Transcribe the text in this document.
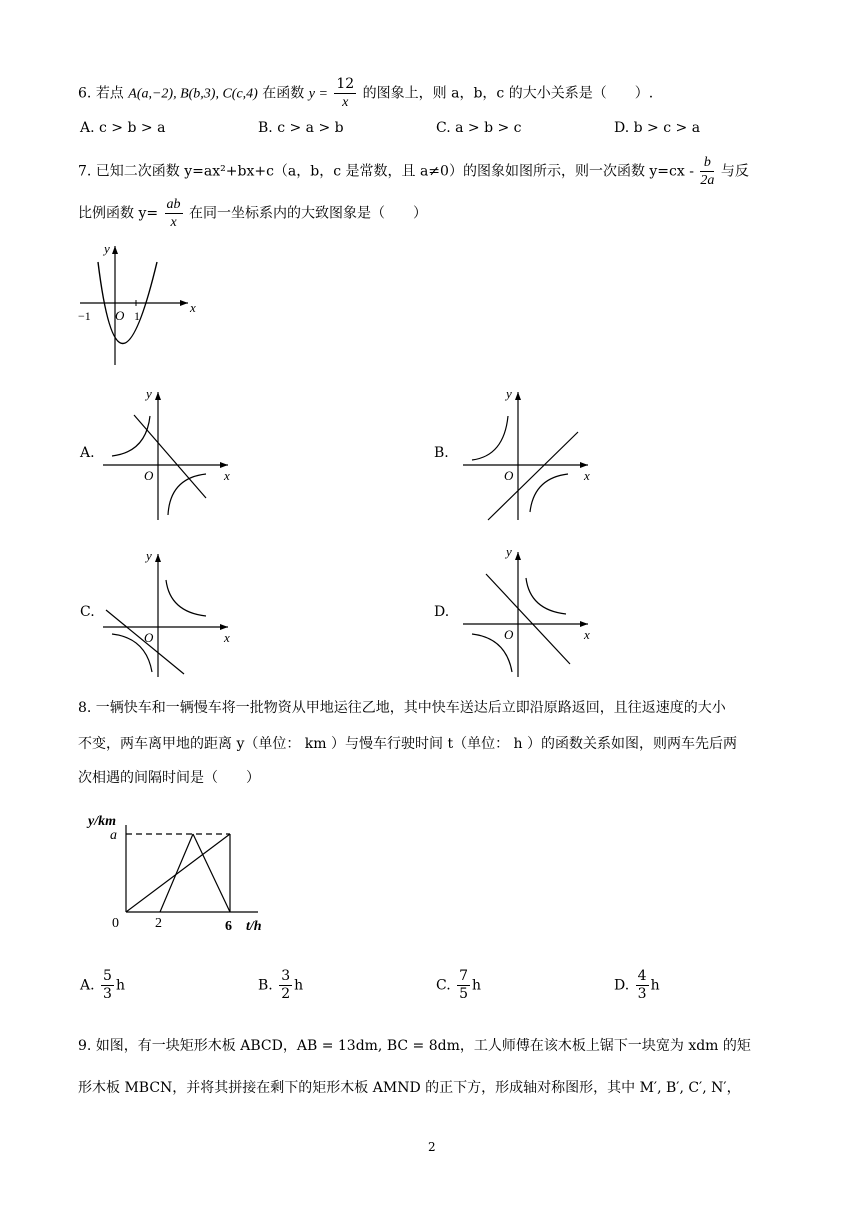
6. 若点 A(a,−2), B(b,3), C(c,4) 在函数 $y = \frac{12}{x}$ 的图象上，则 a，b，c 的大小关系是（　　）.
A. c > b > a	B. c > a > b	C. a > b > c	D. b > c > a
7. 已知二次函数 y=ax²+bx+c（a，b，c 是常数，且 a≠0）的图象如图所示，则一次函数 $y=cx - \frac{b}{2a}$ 与反
比例函数 $y= \frac{ab}{x}$ 在同一坐标系内的大致图象是（　　）
y
x
−1 O 1
A.	B.
C.	D.
y
x
O
y
x
O
y
x
O
y
x
O
8. 一辆快车和一辆慢车将一批物资从甲地运往乙地，其中快车送达后立即沿原路返回，且往返速度的大小
不变，两车离甲地的距离 y（单位： km ）与慢车行驶时间 t（单位： h ）的函数关系如图，则两车先后两
次相遇的间隔时间是（　　）
y/km
a
0	2	6 t/h
A. $\frac{5}{3}$ h	B. $\frac{3}{2}$ h	C. $\frac{7}{5}$ h	D. $\frac{4}{3}$ h
9. 如图，有一块矩形木板 ABCD，AB = 13dm, BC = 8dm，工人师傅在该木板上锯下一块宽为 xdm 的矩
形木板 MBCN，并将其拼接在剩下的矩形木板 AMND 的正下方，形成轴对称图形，其中 M′, B′, C′, N′，
2
